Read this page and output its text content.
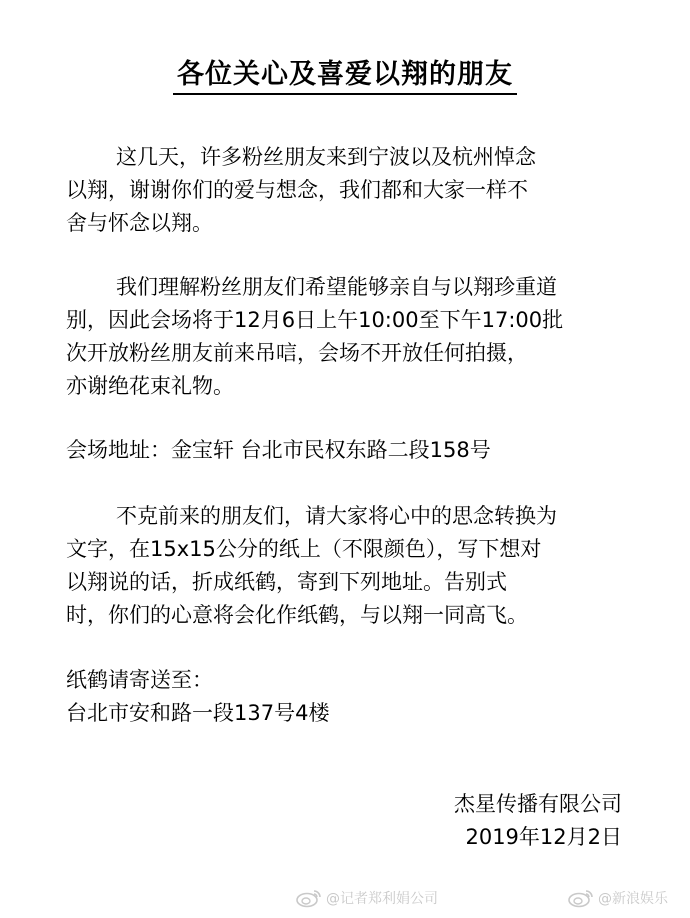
各位关心及喜爱以翔的朋友
这几天，许多粉丝朋友来到宁波以及杭州悼念
以翔，谢谢你们的爱与想念，我们都和大家一样不
舍与怀念以翔。
我们理解粉丝朋友们希望能够亲自与以翔珍重道
别，因此会场将于12月6日上午10:00至下午17:00批
次开放粉丝朋友前来吊唁，会场不开放任何拍摄，
亦谢绝花束礼物。
会场地址：金宝轩 台北市民权东路二段158号
不克前来的朋友们，请大家将心中的思念转换为
文字，在15x15公分的纸上（不限颜色），写下想对
以翔说的话，折成纸鹤，寄到下列地址。告别式
时，你们的心意将会化作纸鹤，与以翔一同高飞。
纸鹤请寄送至：
台北市安和路一段137号4楼

杰星传播有限公司

2019年12月2日

@记者郑利娟公司	@新浪娱乐
